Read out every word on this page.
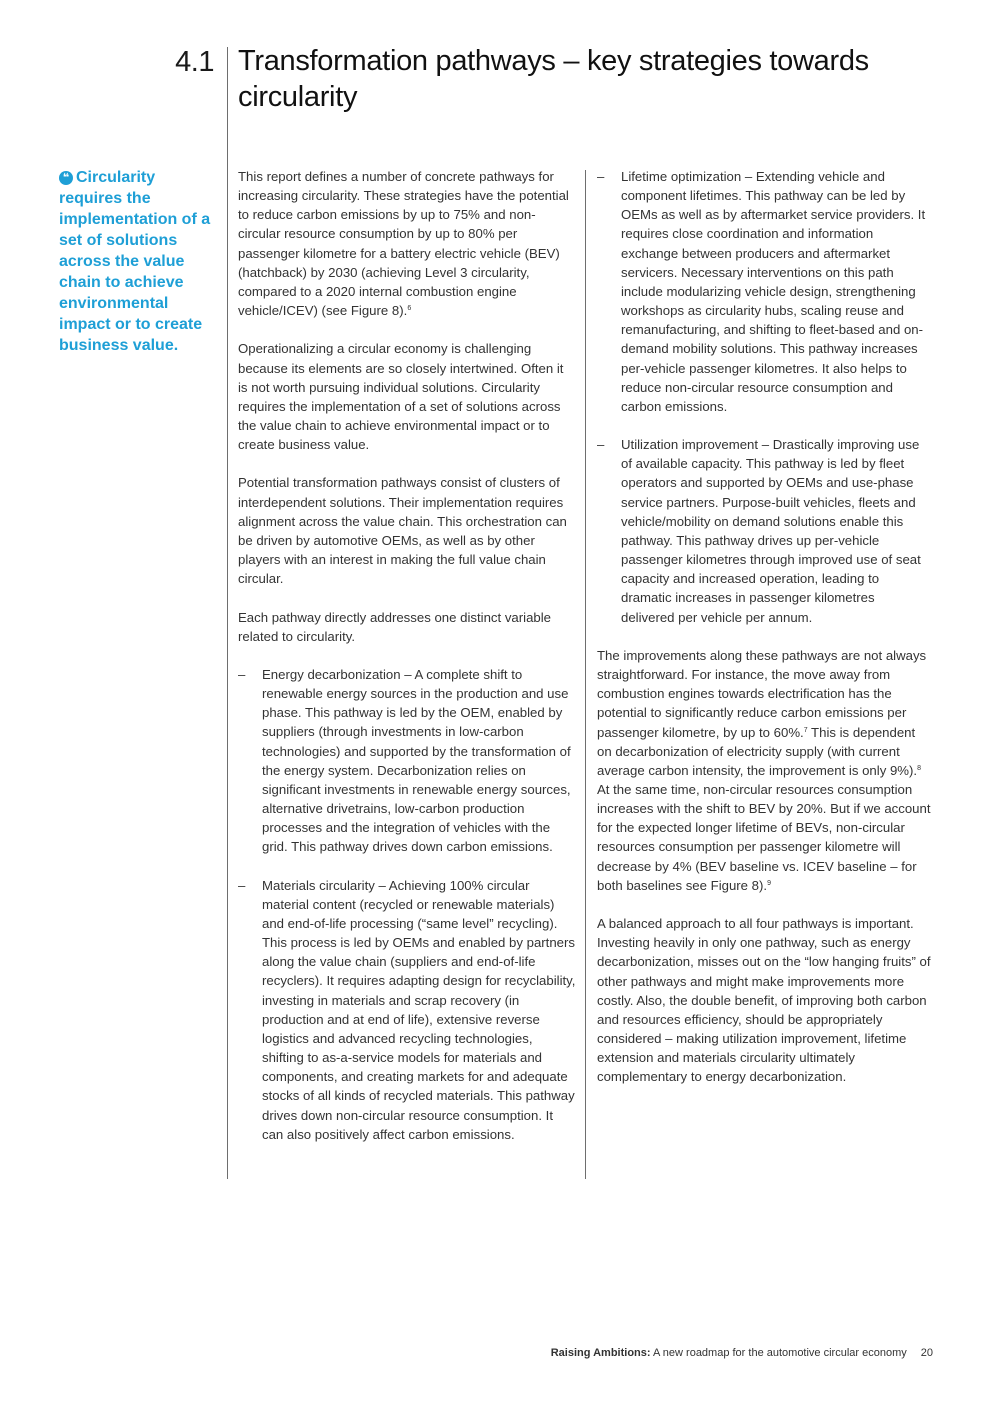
4.1 Transformation pathways – key strategies towards circularity
❝ Circularity requires the implementation of a set of solutions across the value chain to achieve environmental impact or to create business value.

This report defines a number of concrete pathways for increasing circularity. These strategies have the potential to reduce carbon emissions by up to 75% and non-circular resource consumption by up to 80% per passenger kilometre for a battery electric vehicle (BEV) (hatchback) by 2030 (achieving Level 3 circularity, compared to a 2020 internal combustion engine vehicle/ICEV) (see Figure 8).$^6$

Operationalizing a circular economy is challenging because its elements are so closely intertwined. Often it is not worth pursuing individual solutions. Circularity requires the implementation of a set of solutions across the value chain to achieve environmental impact or to create business value.

Potential transformation pathways consist of clusters of interdependent solutions. Their implementation requires alignment across the value chain. This orchestration can be driven by automotive OEMs, as well as by other players with an interest in making the full value chain circular.

Each pathway directly addresses one distinct variable related to circularity.

– Energy decarbonization – A complete shift to renewable energy sources in the production and use phase. This pathway is led by the OEM, enabled by suppliers (through investments in low-carbon technologies) and supported by the transformation of the energy system. Decarbonization relies on significant investments in renewable energy sources, alternative drivetrains, low-carbon production processes and the integration of vehicles with the grid. This pathway drives down carbon emissions.
– Materials circularity – Achieving 100% circular material content (recycled or renewable materials) and end-of-life processing (“same level” recycling). This process is led by OEMs and enabled by partners along the value chain (suppliers and end-of-life recyclers). It requires adapting design for recyclability, investing in materials and scrap recovery (in production and at end of life), extensive reverse logistics and advanced recycling technologies, shifting to as-a-service models for materials and components, and creating markets for and adequate stocks of all kinds of recycled materials. This pathway drives down non-circular resource consumption. It can also positively affect carbon emissions.
– Lifetime optimization – Extending vehicle and component lifetimes. This pathway can be led by OEMs as well as by aftermarket service providers. It requires close coordination and information exchange between producers and aftermarket servicers. Necessary interventions on this path include modularizing vehicle design, strengthening workshops as circularity hubs, scaling reuse and remanufacturing, and shifting to fleet-based and on-demand mobility solutions. This pathway increases per-vehicle passenger kilometres. It also helps to reduce non-circular resource consumption and carbon emissions.
– Utilization improvement – Drastically improving use of available capacity. This pathway is led by fleet operators and supported by OEMs and use-phase service partners. Purpose-built vehicles, fleets and vehicle/mobility on demand solutions enable this pathway. This pathway drives up per-vehicle passenger kilometres through improved use of seat capacity and increased operation, leading to dramatic increases in passenger kilometres delivered per vehicle per annum.

The improvements along these pathways are not always straightforward. For instance, the move away from combustion engines towards electrification has the potential to significantly reduce carbon emissions per passenger kilometre, by up to 60%.$^7$ This is dependent on decarbonization of electricity supply (with current average carbon intensity, the improvement is only 9%).$^8$ At the same time, non-circular resources consumption increases with the shift to BEV by 20%. But if we account for the expected longer lifetime of BEVs, non-circular resources consumption per passenger kilometre will decrease by 4% (BEV baseline vs. ICEV baseline – for both baselines see Figure 8).$^9$

A balanced approach to all four pathways is important. Investing heavily in only one pathway, such as energy decarbonization, misses out on the “low hanging fruits” of other pathways and might make improvements more costly. Also, the double benefit, of improving both carbon and resources efficiency, should be appropriately considered – making utilization improvement, lifetime extension and materials circularity ultimately complementary to energy decarbonization.

Raising Ambitions: A new roadmap for the automotive circular economy 20
